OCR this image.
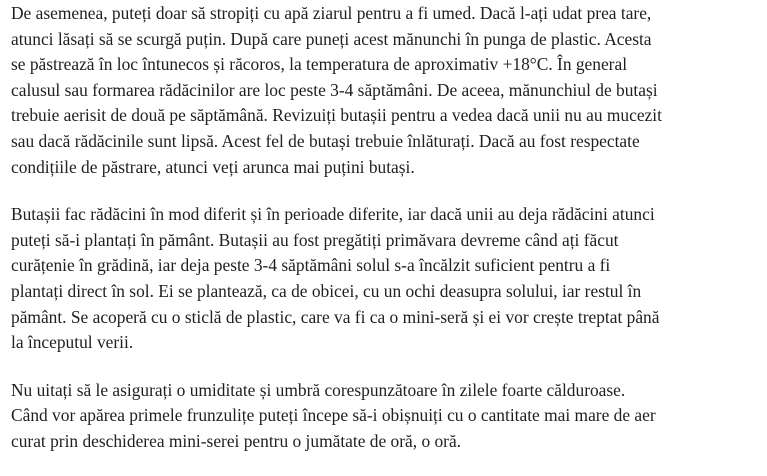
De asemenea, puteți doar să stropiți cu apă ziarul pentru a fi umed. Dacă l-ați udat prea tare,
atunci lăsați să se scurgă puțin. După care puneți acest mănunchi în punga de plastic. Acesta
se păstrează în loc întunecos și răcoros, la temperatura de aproximativ +18°C. În general
calusul sau formarea rădăcinilor are loc peste 3-4 săptămâni. De aceea, mănunchiul de butași
trebuie aerisit de două pe săptămână. Revizuiți butașii pentru a vedea dacă unii nu au mucezit
sau dacă rădăcinile sunt lipsă. Acest fel de butași trebuie înlăturați. Dacă au fost respectate
condițiile de păstrare, atunci veți arunca mai puțini butași.

Butașii fac rădăcini în mod diferit și în perioade diferite, iar dacă unii au deja rădăcini atunci
puteți să-i plantați în pământ. Butașii au fost pregătiți primăvara devreme când ați făcut
curățenie în grădină, iar deja peste 3-4 săptămâni solul s-a încălzit suficient pentru a fi
plantați direct în sol. Ei se plantează, ca de obicei, cu un ochi deasupra solului, iar restul în
pământ. Se acoperă cu o sticlă de plastic, care va fi ca o mini-seră și ei vor crește treptat până
la începutul verii.

Nu uitați să le asigurați o umiditate și umbră corespunzătoare în zilele foarte călduroase.
Când vor apărea primele frunzulițe puteți începe să-i obișnuiți cu o cantitate mai mare de aer
curat prin deschiderea mini-serei pentru o jumătate de oră, o oră.
